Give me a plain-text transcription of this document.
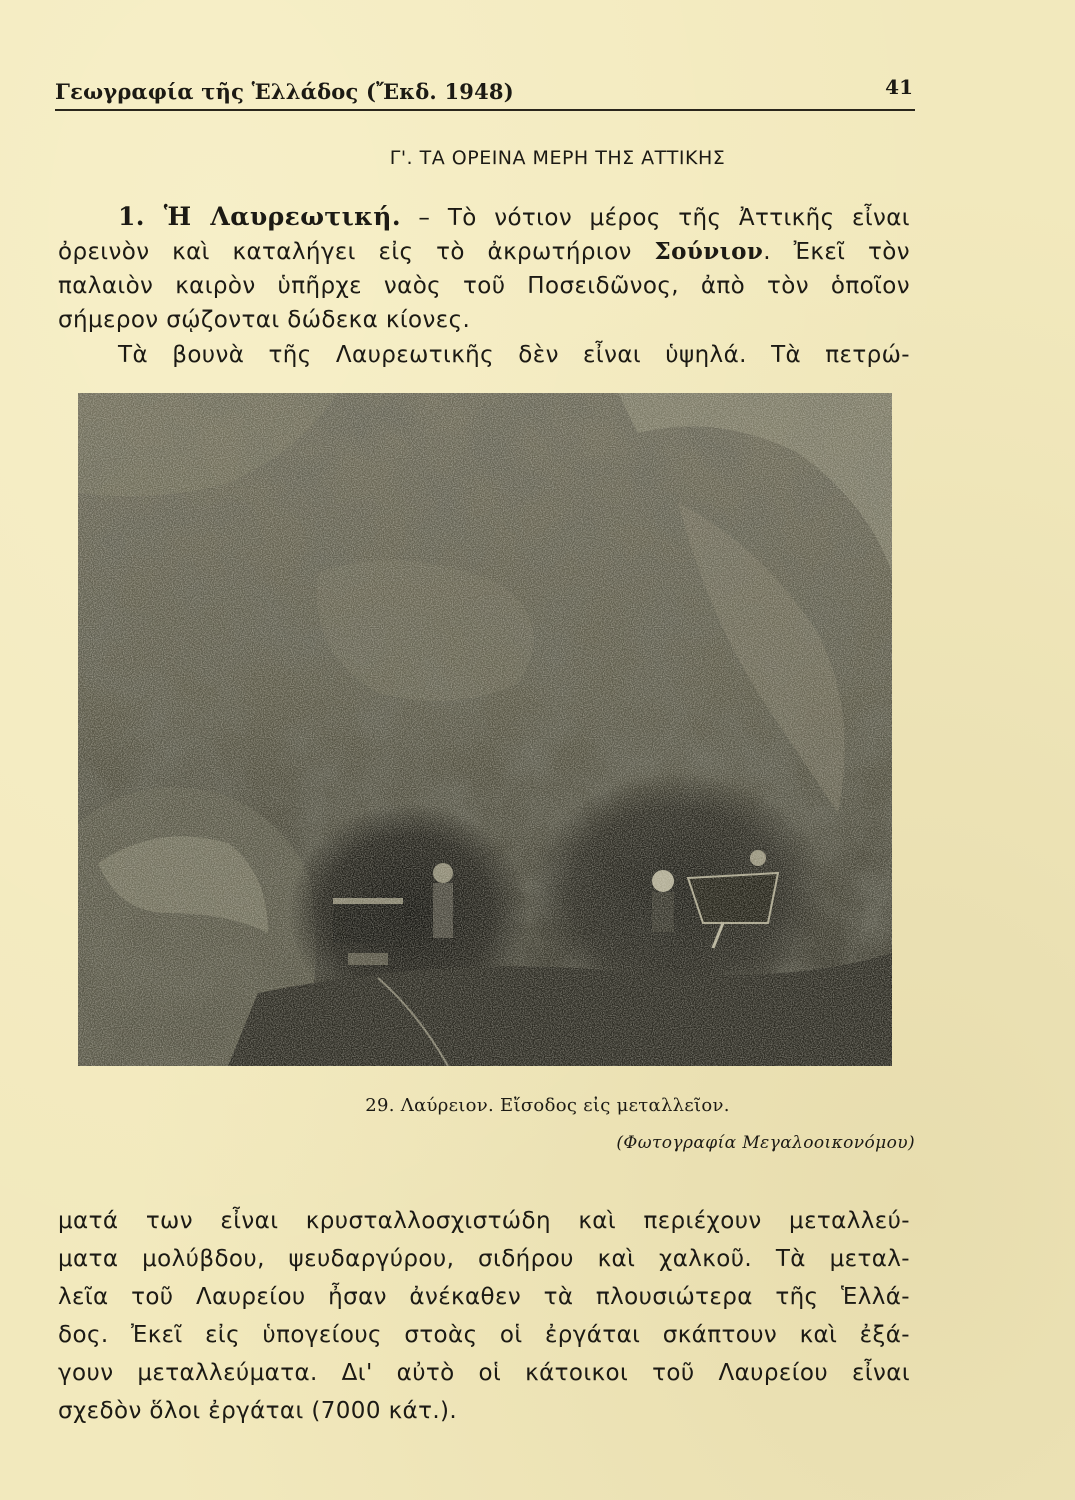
Γεωγραφία τῆς Ἑλλάδος (Ἔκδ. 1948)	41
Γ'. ΤΑ ΟΡΕΙΝΑ ΜΕΡΗ ΤΗΣ ΑΤΤΙΚΗΣ
1. Ἡ Λαυρεωτική. – Τὸ νότιον μέρος τῆς Ἀττικῆς εἶναι
ὀρεινὸν καὶ καταλήγει εἰς τὸ ἀκρωτήριον Σούνιον. Ἐκεῖ τὸν
παλαιὸν καιρὸν ὑπῆρχε ναὸς τοῦ Ποσειδῶνος, ἀπὸ τὸν ὁποῖον
σήμερον σῴζονται δώδεκα κίονες.
Τὰ βουνὰ τῆς Λαυρεωτικῆς δὲν εἶναι ὑψηλά. Τὰ πετρώ-
29. Λαύρειον. Εἴσοδος εἰς μεταλλεῖον.
(Φωτογραφία Μεγαλοοικονόμου)
ματά των εἶναι κρυσταλλοσχιστώδη καὶ περιέχουν μεταλλεύ-
ματα μολύβδου, ψευδαργύρου, σιδήρου καὶ χαλκοῦ. Τὰ μεταλ-
λεῖα τοῦ Λαυρείου ἦσαν ἀνέκαθεν τὰ πλουσιώτερα τῆς Ἑλλά-
δος. Ἐκεῖ εἰς ὑπογείους στοὰς οἱ ἐργάται σκάπτουν καὶ ἐξά-
γουν μεταλλεύματα. Δι' αὐτὸ οἱ κάτοικοι τοῦ Λαυρείου εἶναι
σχεδὸν ὅλοι ἐργάται (7000 κάτ.).
